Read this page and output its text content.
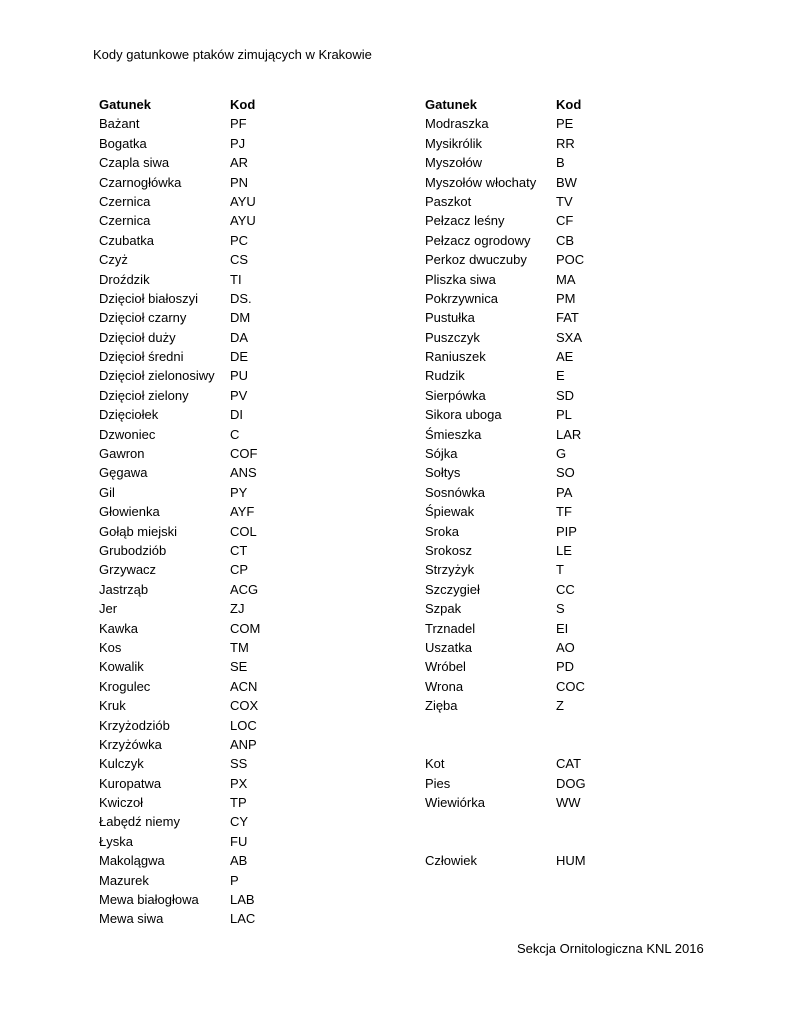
Kody gatunkowe ptaków zimujących w Krakowie
Gatunek	Kod
Bażant	PF
Bogatka	PJ
Czapla siwa	AR
Czarnogłówka	PN
Czernica	AYU
Czernica	AYU
Czubatka	PC
Czyż	CS
Droździk	TI
Dzięcioł białoszyi	DS.
Dzięcioł czarny	DM
Dzięcioł duży	DA
Dzięcioł średni	DE
Dzięcioł zielonosiwy	PU
Dzięcioł zielony	PV
Dzięciołek	DI
Dzwoniec	C
Gawron	COF
Gęgawa	ANS
Gil	PY
Głowienka	AYF
Gołąb miejski	COL
Grubodziób	CT
Grzywacz	CP
Jastrząb	ACG
Jer	ZJ
Kawka	COM
Kos	TM
Kowalik	SE
Krogulec	ACN
Kruk	COX
Krzyżodziób	LOC
Krzyżówka	ANP
Kulczyk	SS
Kuropatwa	PX
Kwiczoł	TP
Łabędź niemy	CY
Łyska	FU
Makolągwa	AB
Mazurek	P
Mewa białogłowa	LAB
Mewa siwa	LAC
Gatunek	Kod
Modraszka	PE
Mysikrólik	RR
Myszołów	B
Myszołów włochaty	BW
Paszkot	TV
Pełzacz leśny	CF
Pełzacz ogrodowy	CB
Perkoz dwuczuby	POC
Pliszka siwa	MA
Pokrzywnica	PM
Pustułka	FAT
Puszczyk	SXA
Raniuszek	AE
Rudzik	E
Sierpówka	SD
Sikora uboga	PL
Śmieszka	LAR
Sójka	G
Sołtys	SO
Sosnówka	PA
Śpiewak	TF
Sroka	PIP
Srokosz	LE
Strzyżyk	T
Szczygieł	CC
Szpak	S
Trznadel	EI
Uszatka	AO
Wróbel	PD
Wrona	COC
Zięba	Z
Kot	CAT
Pies	DOG
Wiewiórka	WW
Człowiek	HUM
Sekcja Ornitologiczna KNL 2016
